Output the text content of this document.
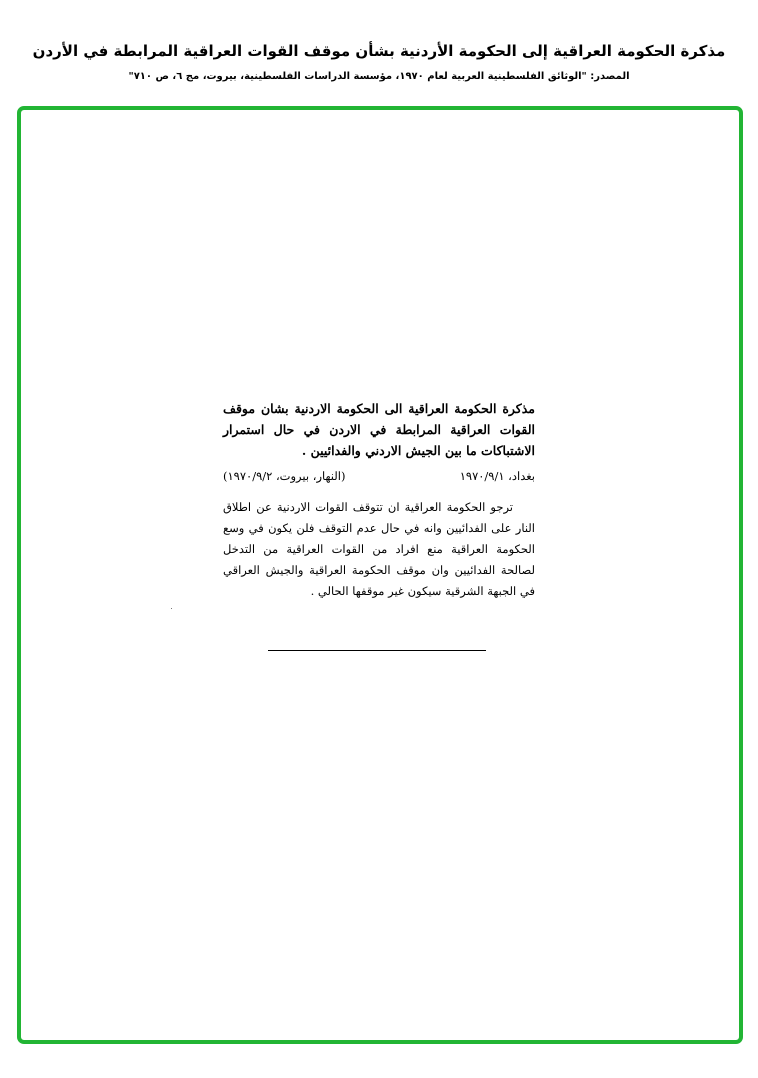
مذكرة الحكومة العراقية إلى الحكومة الأردنية بشأن موقف القوات العراقية المرابطة في الأردن
المصدر: "الوثائق الفلسطينية العربية لعام ١٩٧٠، مؤسسة الدراسات الفلسطينية، بيروت، مج ٦، ص ٧١٠"
مذكرة الحكومة العراقية الى الحكومة الاردنية بشان موقف القوات العراقية المرابطة في الاردن في حال استمرار الاشتباكات ما بين الجيش الاردني والفدائيين .
بغداد، ١٩٧٠/٩/١
(النهار، بيروت، ١٩٧٠/٩/٢)

ترجو الحكومة العراقية ان تتوقف القوات الاردنية عن اطلاق النار على الفدائيين وانه في حال عدم التوقف فلن يكون في وسع الحكومة العراقية منع افراد من القوات العراقية من التدخل لصالحة الفدائيين وان موقف الحكومة العراقية والجيش العراقي في الجبهة الشرقية سيكون غير موقفها الحالي .
